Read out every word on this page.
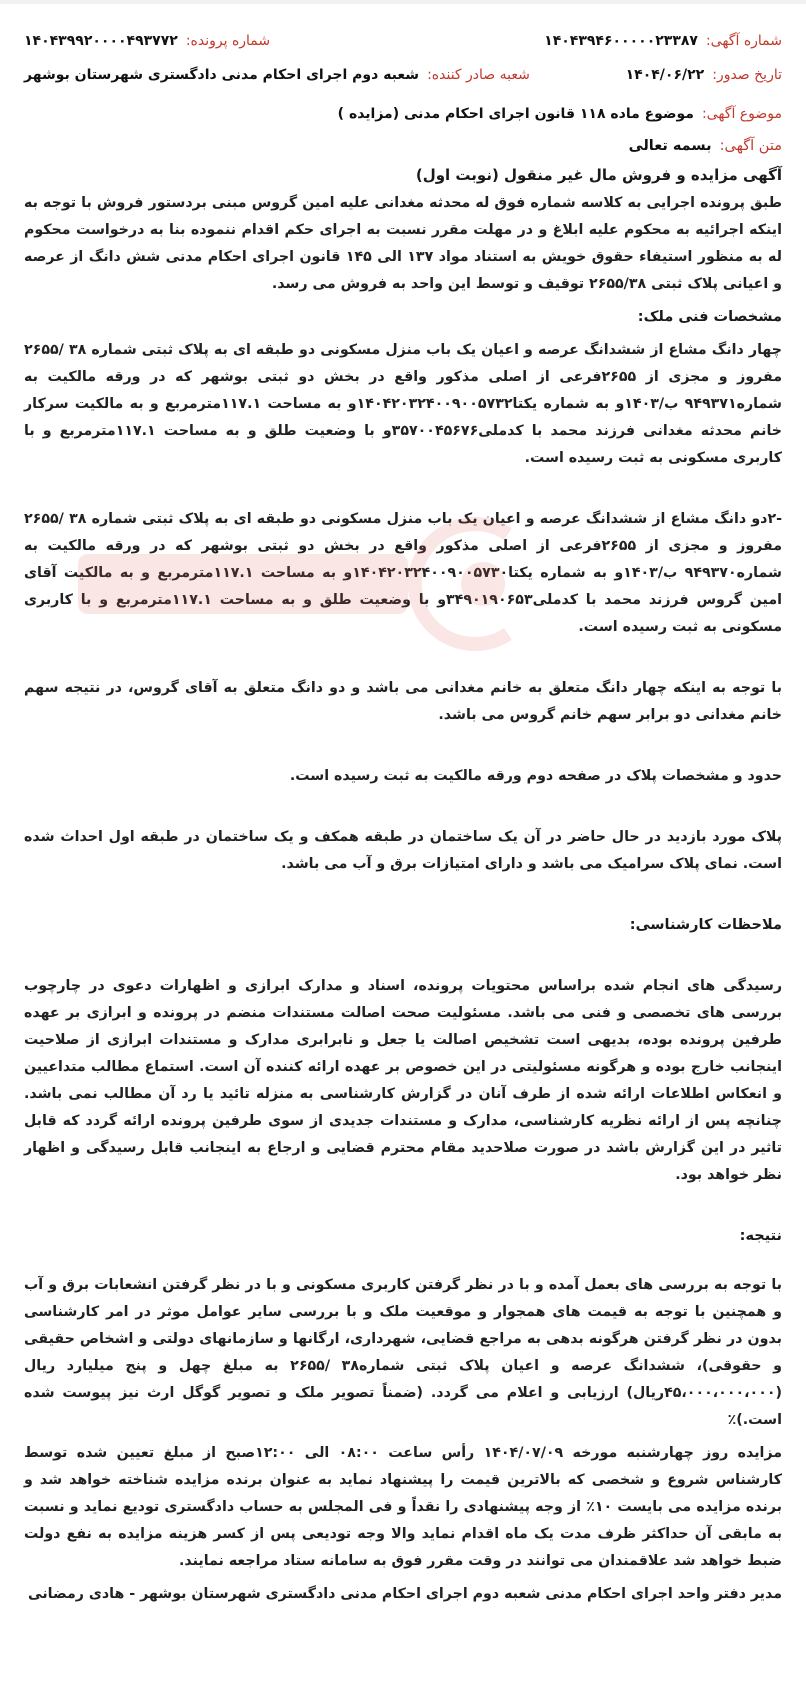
شماره آگهی:
۱۴۰۴۳۹۴۶۰۰۰۰۰۲۳۳۸۷
شماره پرونده:
۱۴۰۴۳۹۹۲۰۰۰۰۴۹۳۷۷۲
تاریخ صدور:
۱۴۰۴/۰۶/۲۲
شعبه صادر کننده:
شعبه دوم اجرای احکام مدنی دادگستری شهرستان بوشهر
موضوع آگهی:
موضوع ماده ۱۱۸ قانون اجرای احکام مدنی (مزایده )
متن آگهی:
بسمه تعالی
آگهی مزایده و فروش مال غیر منقول (نوبت اول)

طبق پرونده اجرایی به کلاسه شماره فوق له محدثه مغدانی علیه امین گروس مبنی بردستور فروش با توجه به اینکه اجرائیه به محکوم علیه ابلاغ و در مهلت مقرر نسبت به اجرای حکم اقدام ننموده بنا به درخواست محکوم له به منظور استیفاء حقوق خویش به استناد مواد ۱۳۷ الی ۱۴۵ قانون اجرای احکام مدنی شش دانگ از عرصه و اعیانی پلاک ثبتی ۲۶۵۵/۳۸ توقیف و توسط این واحد به فروش می رسد.

مشخصات فنی ملک:

چهار دانگ مشاع از ششدانگ عرصه و اعیان یک باب منزل مسکونی دو طبقه ای به پلاک ثبتی شماره ۳۸ /۲۶۵۵ مفروز و مجزی از ۲۶۵۵فرعی از اصلی مذکور واقع در بخش دو ثبتی بوشهر که در ورقه مالکیت به شماره۹۴۹۳۷۱ ب/۱۴۰۳و به شماره یکتا۱۴۰۴۲۰۳۲۴۰۰۹۰۰۵۷۳۲و به مساحت ۱۱۷.۱مترمربع و به مالکیت سرکار خانم محدثه مغدانی فرزند محمد با کدملی۳۵۷۰۰۴۵۶۷۶و با وضعیت طلق و به مساحت ۱۱۷.۱مترمربع و با کاربری مسکونی به ثبت رسیده است.

-۲دو دانگ مشاع از ششدانگ عرصه و اعیان یک باب منزل مسکونی دو طبقه ای به پلاک ثبتی شماره ۳۸ /۲۶۵۵ مفروز و مجزی از ۲۶۵۵فرعی از اصلی مذکور واقع در بخش دو ثبتی بوشهر که در ورقه مالکیت به شماره۹۴۹۳۷۰ ب/۱۴۰۳و به شماره یکتا۱۴۰۴۲۰۳۲۴۰۰۹۰۰۵۷۳۰و به مساحت ۱۱۷.۱مترمربع و به مالکیت آقای امین گروس فرزند محمد با کدملی۳۴۹۰۱۹۰۶۵۳و با وضعیت طلق و به مساحت ۱۱۷.۱مترمربع و با کاربری مسکونی به ثبت رسیده است.

با توجه به اینکه چهار دانگ متعلق به خانم مغدانی می باشد و دو دانگ متعلق به آقای گروس، در نتیجه سهم خانم مغدانی دو برابر سهم خانم گروس می باشد.

حدود و مشخصات پلاک در صفحه دوم ورقه مالکیت به ثبت رسیده است.

پلاک مورد بازدید در حال حاضر در آن یک ساختمان در طبقه همکف و یک ساختمان در طبقه اول احداث شده است. نمای پلاک سرامیک می باشد و دارای امتیازات برق و آب می باشد.

ملاحظات کارشناسی:

رسیدگی های انجام شده براساس محتویات پرونده، اسناد و مدارک ابرازی و اظهارات دعوی در چارچوب بررسی های تخصصی و فنی می باشد. مسئولیت صحت اصالت مستندات منضم در پرونده و ابرازی بر عهده طرفین پرونده بوده، بدیهی است تشخیص اصالت یا جعل و نابرابری مدارک و مستندات ابرازی از صلاحیت اینجانب خارج بوده و هرگونه مسئولیتی در این خصوص بر عهده ارائه کننده آن است. استماع مطالب متداعیین و انعکاس اطلاعات ارائه شده از طرف آنان در گزارش کارشناسی به منزله تائید یا رد آن مطالب نمی باشد. چنانچه پس از ارائه نظریه کارشناسی، مدارک و مستندات جدیدی از سوی طرفین پرونده ارائه گردد که قابل تاثیر در این گزارش باشد در صورت صلاحدید مقام محترم قضایی و ارجاع به اینجانب قابل رسیدگی و اظهار نظر خواهد بود.

نتیجه:

با توجه به بررسی های بعمل آمده و با در نظر گرفتن کاربری مسکونی و با در نظر گرفتن انشعابات برق و آب و همچنین با توجه به قیمت های همجوار و موقعیت ملک و با بررسی سایر عوامل موثر در امر کارشناسی بدون در نظر گرفتن هرگونه بدهی به مراجع قضایی، شهرداری، ارگانها و سازمانهای دولتی و اشخاص حقیقی و حقوقی)، ششدانگ عرصه و اعیان پلاک ثبتی شماره۳۸ /۲۶۵۵ به مبلغ چهل و پنج میلیارد ریال (۴۵،۰۰۰،۰۰۰،۰۰۰ریال) ارزیابی و اعلام می گردد. (ضمناً تصویر ملک و تصویر گوگل ارث نیز پیوست شده است.)٪

مزایده روز چهارشنبه مورخه ۱۴۰۴/۰۷/۰۹ رأس ساعت ۰۸:۰۰ الی ۱۲:۰۰صبح از مبلغ تعیین شده توسط کارشناس شروع و شخصی که بالاترین قیمت را پیشنهاد نماید به عنوان برنده مزایده شناخته خواهد شد و برنده مزایده می بایست ۱۰٪ از وجه پیشنهادی را نقداً و فی المجلس به حساب دادگستری تودیع نماید و نسبت به مابقی آن حداکثر ظرف مدت یک ماه اقدام نماید والا وجه تودیعی پس از کسر هزینه مزایده به نفع دولت ضبط خواهد شد علاقمندان می توانند در وقت مقرر فوق به سامانه ستاد مراجعه نمایند.

مدیر دفتر واحد اجرای احکام مدنی شعبه دوم اجرای احکام مدنی دادگستری شهرستان بوشهر - هادی رمضانی
